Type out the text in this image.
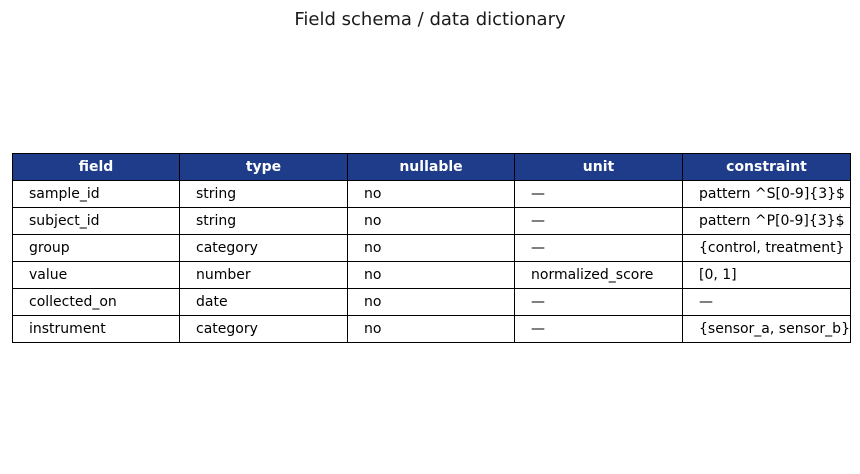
Field schema / data dictionary
field	type	nullable	unit	constraint
sample_id	string	no	—	pattern ^S[0-9]{3}$
subject_id	string	no	—	pattern ^P[0-9]{3}$
group	category	no	—	{control, treatment}
value	number	no	normalized_score	[0, 1]
collected_on	date	no	—	—
instrument	category	no	—	{sensor_a, sensor_b}
